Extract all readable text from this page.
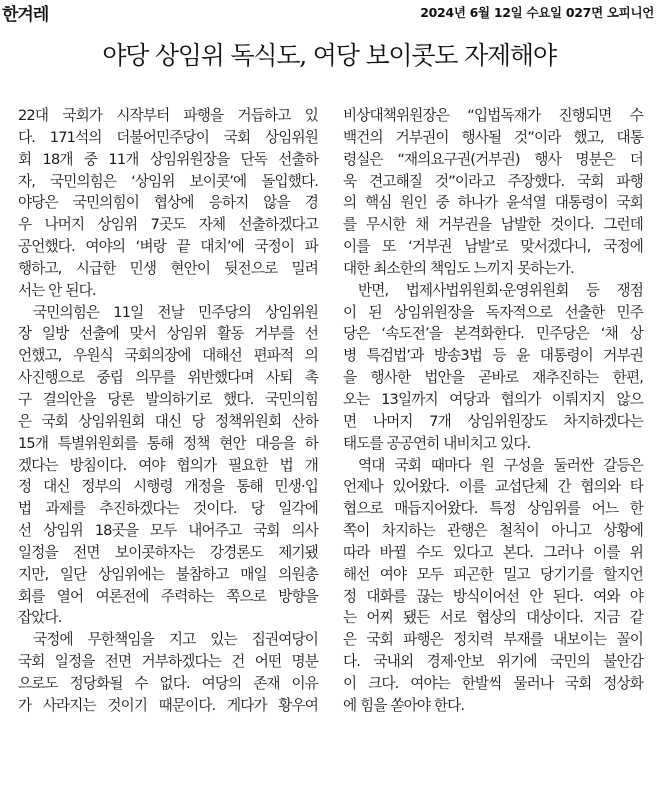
한겨레	2024년 6월 12일 수요일 027면 오피니언
야당 상임위 독식도, 여당 보이콧도 자제해야
22대 국회가 시작부터 파행을 거듭하고 있
다. 171석의 더불어민주당이 국회 상임위원
회 18개 중 11개 상임위원장을 단독 선출하
자, 국민의힘은 ‘상임위 보이콧’에 돌입했다.
야당은 국민의힘이 협상에 응하지 않을 경
우 나머지 상임위 7곳도 자체 선출하겠다고
공언했다. 여야의 ‘벼랑 끝 대치’에 국정이 파
행하고, 시급한 민생 현안이 뒷전으로 밀려
서는 안 된다.
국민의힘은 11일 전날 민주당의 상임위원
장 일방 선출에 맞서 상임위 활동 거부를 선
언했고, 우원식 국회의장에 대해선 편파적 의
사진행으로 중립 의무를 위반했다며 사퇴 촉
구 결의안을 당론 발의하기로 했다. 국민의힘
은 국회 상임위원회 대신 당 정책위원회 산하
15개 특별위원회를 통해 정책 현안 대응을 하
겠다는 방침이다. 여야 협의가 필요한 법 개
정 대신 정부의 시행령 개정을 통해 민생·입
법 과제를 추진하겠다는 것이다. 당 일각에
선 상임위 18곳을 모두 내어주고 국회 의사
일정을 전면 보이콧하자는 강경론도 제기됐
지만, 일단 상임위에는 불참하고 매일 의원총
회를 열어 여론전에 주력하는 쪽으로 방향을
잡았다.
국정에 무한책임을 지고 있는 집권여당이
국회 일정을 전면 거부하겠다는 건 어떤 명분
으로도 정당화될 수 없다. 여당의 존재 이유
가 사라지는 것이기 때문이다. 게다가 황우여
비상대책위원장은 “입법독재가 진행되면 수
백건의 거부권이 행사될 것”이라 했고, 대통
령실은 “재의요구권(거부권) 행사 명분은 더
욱 견고해질 것”이라고 주장했다. 국회 파행
의 핵심 원인 중 하나가 윤석열 대통령이 국회
를 무시한 채 거부권을 남발한 것이다. 그런데
이를 또 ‘거부권 남발’로 맞서겠다니, 국정에
대한 최소한의 책임도 느끼지 못하는가.
반면, 법제사법위원회·운영위원회 등 쟁점
이 된 상임위원장을 독자적으로 선출한 민주
당은 ‘속도전’을 본격화한다. 민주당은 ‘채 상
병 특검법’과 방송3법 등 윤 대통령이 거부권
을 행사한 법안을 곧바로 재추진하는 한편,
오는 13일까지 여당과 협의가 이뤄지지 않으
면 나머지 7개 상임위원장도 차지하겠다는
태도를 공공연히 내비치고 있다.
역대 국회 때마다 원 구성을 둘러싼 갈등은
언제나 있어왔다. 이를 교섭단체 간 협의와 타
협으로 매듭지어왔다. 특정 상임위를 어느 한
쪽이 차지하는 관행은 철칙이 아니고 상황에
따라 바뀔 수도 있다고 본다. 그러나 이를 위
해선 여야 모두 피곤한 밀고 당기기를 할지언
정 대화를 끊는 방식이어선 안 된다. 여와 야
는 어찌 됐든 서로 협상의 대상이다. 지금 같
은 국회 파행은 정치력 부재를 내보이는 꼴이
다. 국내외 경제·안보 위기에 국민의 불안감
이 크다. 여야는 한발씩 물러나 국회 정상화
에 힘을 쏟아야 한다.
